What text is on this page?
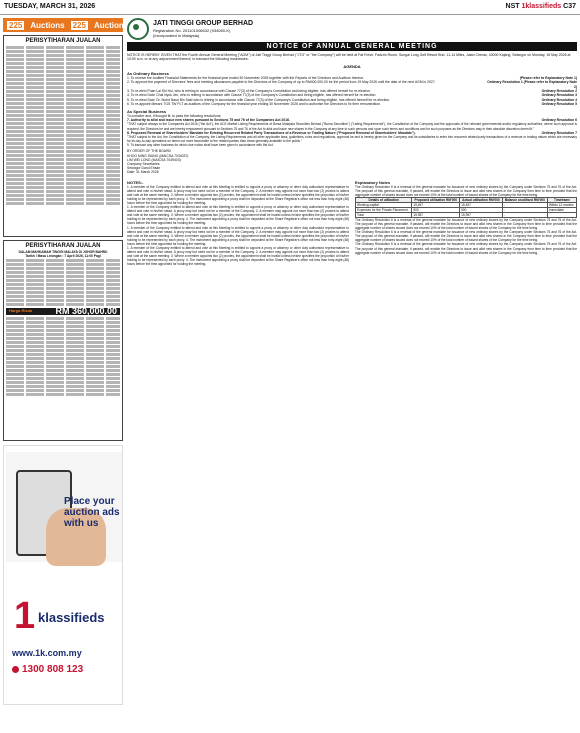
TUESDAY, MARCH 31, 2026	NST 1klassifieds C37
225 Auctions 225 Auctions
PERISYTIHARAN JUALAN
PERISYTIHARAN JUALAN
DALAM MAHKAMAH TINGGI MALAYA DI JOHOR BAHRU
Tarikh / Masa Lelongan : 7 April 2026, 11:00 Pagi
Harga Rizab	RM 360,000.00
Place your auction ads with us
1 klassifieds
www.1k.com.my
1300 808 123
JATI TINGGI GROUP BERHAD
Registration No. 201101006632 (934060-K)
(Incorporated in Malaysia)
NOTICE OF ANNUAL GENERAL MEETING
NOTICE IS HEREBY GIVEN THAT the Fourth Annual General Meeting ("AGM") of Jati Tinggi Group Berhad ("JTG" or "the Company") will be held at Fat Fresh, Fadzrin Room, Sungai Long Golf Resort Bhd, 11-14 Miles, Jalan Cheras, 43000 Kajang, Selangor on Monday, 18 May 2026 at 10:00 a.m. or at any adjournment thereof, to transact the following businesses:
AGENDA
As Ordinary Business
1. To receive the Audited Financial Statements for the financial year ended 30 November 2025 together with the Reports of the Directors and Auditors thereon.	(Please refer to Explanatory Note 1)
2. To approve the payment of Directors' fees and meeting allowances payable to the Directors of the Company of up to RM400,000.00 for the period from 19 May 2026 until the date of the next AGM in 2027.	Ordinary Resolution 1 (Please refer to Explanatory Note 2)
3. To re-elect Puan Lai Shi Hui, who is retiring in accordance with Clause 77(3) of the Company's Constitution and being eligible, has offered herself for re-election.	Ordinary Resolution 2
4. To re-elect Dato' Chai Nyuk Jen, who is retiring in accordance with Clause 77(3) of the Company's Constitution and being eligible, has offered herself for re-election.	Ordinary Resolution 3
5. To re-elect Dato' Dr. Mohd Nasri Bin Said who is retiring in accordance with Clause 77(3) of the Company's Constitution and being eligible, has offered himself for re-election.	Ordinary Resolution 4
6. To re-appoint Messrs TGS TW PLT as auditors of the Company for the financial year ending 30 November 2026 and to authorise the Directors to fix their remuneration.	Ordinary Resolution 5
As Special Business
To consider and, if thought fit, to pass the following resolutions:
7. Authority to allot and issue new shares pursuant to Sections 75 and 76 of the Companies Act 2016.	Ordinary Resolution 6
"THAT subject always to the Companies Act 2016 ("the Act"), the ACE Market Listing Requirements of Bursa Malaysia Securities Berhad ("Bursa Securities") ("Listing Requirements"), the Constitution of the Company and the approvals of the relevant governmental and/or regulatory authorities, where such approval is required, the Directors be and are hereby empowered pursuant to Sections 75 and 76 of the Act to allot and issue new shares in the Company at any time to such persons and upon such terms and conditions and for such purposes as the Directors may in their absolute discretion deem fit."
8. Proposed Renewal of Shareholders' Mandate for Existing Recurrent Related Party Transactions of a Revenue or Trading Nature ("Proposed Renewal of Shareholders' Mandate").	Ordinary Resolution 7
"THAT subject to the Act, the Constitution of the Company, the Listing Requirements and all other applicable laws, guidelines, rules and regulations, approval be and is hereby given for the Company and its subsidiaries to enter into recurrent related party transactions of a revenue or trading nature which are necessary for its day-to-day operations on terms not more favourable to the related parties than those generally available to the public."
9. To transact any other business for which due notice shall have been given in accordance with the Act.
BY ORDER OF THE BOARD
KHOO MING SIANG (MAICSA 7034037)
LIM WEI LONG (MAICSA 7049403)
Company Secretaries
Selangor Darul Ehsan
Date: 31 March 2026
NOTES:-
1. A member of the Company entitled to attend and vote at this Meeting is entitled to appoint a proxy or attorney or other duly authorised representative to attend and vote in his/her stead. A proxy may but need not be a member of the Company. 2. A member may appoint not more than two (2) proxies to attend and vote at the same meeting. 3. Where a member appoints two (2) proxies, the appointment shall be invalid unless he/she specifies the proportion of his/her holding to be represented by each proxy. 4. The instrument appointing a proxy shall be deposited at the Share Registrar's office not less than forty-eight (48) hours before the time appointed for holding the meeting.
1. A member of the Company entitled to attend and vote at this Meeting is entitled to appoint a proxy or attorney or other duly authorised representative to attend and vote in his/her stead. A proxy may but need not be a member of the Company. 2. A member may appoint not more than two (2) proxies to attend and vote at the same meeting. 3. Where a member appoints two (2) proxies, the appointment shall be invalid unless he/she specifies the proportion of his/her holding to be represented by each proxy. 4. The instrument appointing a proxy shall be deposited at the Share Registrar's office not less than forty-eight (48) hours before the time appointed for holding the meeting.
1. A member of the Company entitled to attend and vote at this Meeting is entitled to appoint a proxy or attorney or other duly authorised representative to attend and vote in his/her stead. A proxy may but need not be a member of the Company. 2. A member may appoint not more than two (2) proxies to attend and vote at the same meeting. 3. Where a member appoints two (2) proxies, the appointment shall be invalid unless he/she specifies the proportion of his/her holding to be represented by each proxy. 4. The instrument appointing a proxy shall be deposited at the Share Registrar's office not less than forty-eight (48) hours before the time appointed for holding the meeting.
1. A member of the Company entitled to attend and vote at this Meeting is entitled to appoint a proxy or attorney or other duly authorised representative to attend and vote in his/her stead. A proxy may but need not be a member of the Company. 2. A member may appoint not more than two (2) proxies to attend and vote at the same meeting. 3. Where a member appoints two (2) proxies, the appointment shall be invalid unless he/she specifies the proportion of his/her holding to be represented by each proxy. 4. The instrument appointing a proxy shall be deposited at the Share Registrar's office not less than forty-eight (48) hours before the time appointed for holding the meeting.
Explanatory Notes
The Ordinary Resolution 6 is a renewal of the general mandate for issuance of new ordinary shares by the Company under Sections 75 and 76 of the Act. The purpose of this general mandate, if passed, will enable the Directors to issue and allot new shares in the Company from time to time provided that the aggregate number of shares issued does not exceed 10% of the total number of issued shares of the Company for the time being.
Details of utilisation	Proposed utilisation RM'000	Actual utilisation RM'000	Balance unutilised RM'000	Timeframe
Working capital	15,457	15,457	-	Within 12 months
Expenses for the Private Placement	500	500	-	Immediate
Total	15,957	15,957	-	
The Ordinary Resolution 6 is a renewal of the general mandate for issuance of new ordinary shares by the Company under Sections 75 and 76 of the Act. The purpose of this general mandate, if passed, will enable the Directors to issue and allot new shares in the Company from time to time provided that the aggregate number of shares issued does not exceed 10% of the total number of issued shares of the Company for the time being.
The Ordinary Resolution 6 is a renewal of the general mandate for issuance of new ordinary shares by the Company under Sections 75 and 76 of the Act. The purpose of this general mandate, if passed, will enable the Directors to issue and allot new shares in the Company from time to time provided that the aggregate number of shares issued does not exceed 10% of the total number of issued shares of the Company for the time being.
The Ordinary Resolution 6 is a renewal of the general mandate for issuance of new ordinary shares by the Company under Sections 75 and 76 of the Act. The purpose of this general mandate, if passed, will enable the Directors to issue and allot new shares in the Company from time to time provided that the aggregate number of shares issued does not exceed 10% of the total number of issued shares of the Company for the time being.
